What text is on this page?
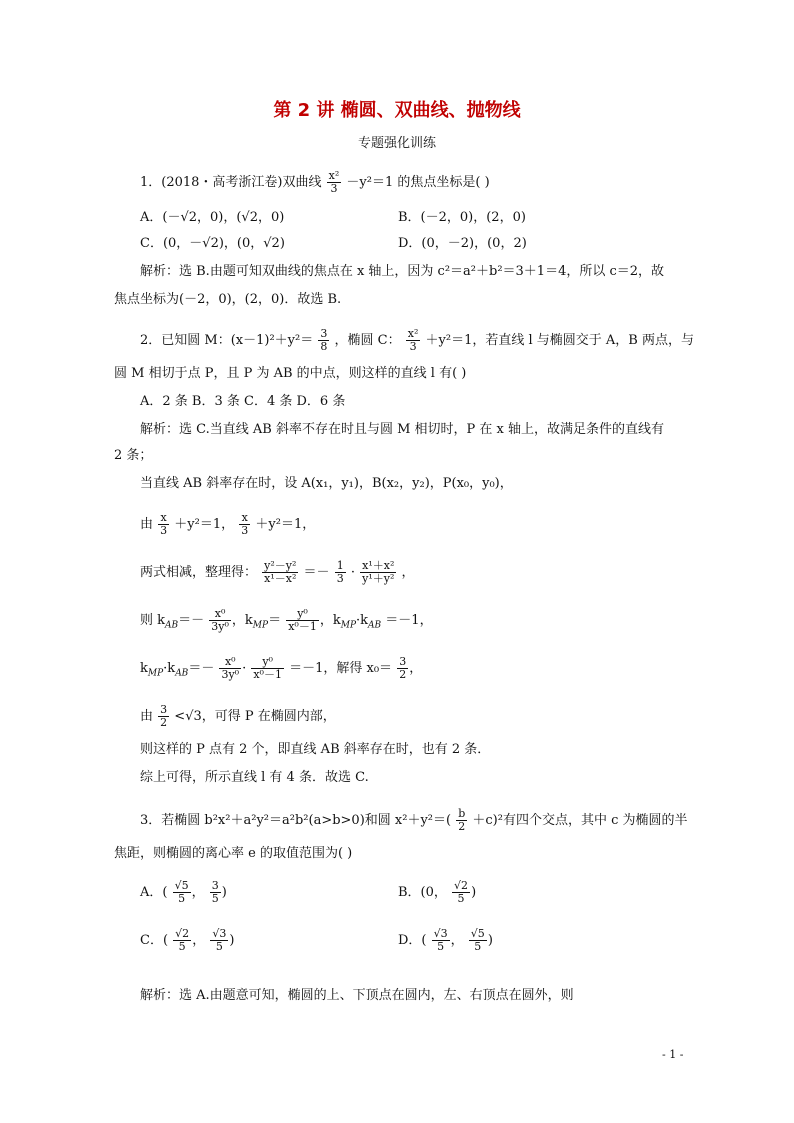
第 2 讲 椭圆、双曲线、抛物线
专题强化训练
1．(2018・高考浙江卷)双曲线 $\frac{\text{x²}}{3} -y^2=1$ 的焦点坐标是( )
A．(－√2，0)，(√2，0)	B．(－2，0)，(2，0)
C．(0，－√2)，(0，√2)	D．(0，－2)，(0，2)
解析：选 B.由题可知双曲线的焦点在 x 轴上，因为 c²＝a²＋b²＝3＋1＝4，所以 c＝2，故
焦点坐标为(－2，0)，(2，0)．故选 B.
2．已知圆 M：$(x-1)^2+y^2= \frac{3}{8}$ ，椭圆 C： $\frac{\text{x²}}{3} +y^2=1$，若直线 l 与椭圆交于 A，B 两点，与
圆 M 相切于点 P，且 P 为 AB 的中点，则这样的直线 l 有( )
A．2 条 B．3 条 C．4 条 D．6 条
解析：选 C.当直线 AB 斜率不存在时且与圆 M 相切时，P 在 x 轴上，故满足条件的直线有
2 条；
当直线 AB 斜率存在时，设 A(x₁，y₁)，B(x₂，y₂)，P(x₀，y₀)，
由 $\frac{x}{3} +y^2=1$， $\frac{x}{3} +y^2=1$，
两式相减，整理得： $\frac{\text{y²－y²}}{\text{x¹－x²}} =- \frac{1}{3} \cdot \frac{\text{x¹＋x²}}{\text{y¹＋y²}}$ ，
则 $k_{AB}=- \frac{\text{x⁰}}{\text{3y⁰}}$ ，$k_{MP}= \frac{\text{y⁰}}{\text{x⁰－1}}$ ，$k_{MP}\cdot k_{AB} =-1$，
$k_{MP}\cdot k_{AB}=- \frac{\text{x⁰}}{\text{3y⁰}} \cdot \frac{\text{y⁰}}{\text{x⁰－1}} =-1$，解得 $x_0= \frac{3}{2}$ ，
由 $\frac{3}{2} <√3$，可得 P 在椭圆内部，
则这样的 P 点有 2 个，即直线 AB 斜率存在时，也有 2 条．
综上可得，所示直线 l 有 4 条．故选 C.
3．若椭圆 b²x²＋a²y²＝a²b²(a>b>0)和圆 $x^2+y^2=( \frac{b}{2} +c)^2$有四个交点，其中 c 为椭圆的半
焦距，则椭圆的离心率 e 的取值范围为( )
A．( $\frac{√5}{5}$ ， $\frac{3}{5}$ )	B．(0， $\frac{√2}{5}$ )
C．( $\frac{√2}{5}$ ， $\frac{√3}{5}$ )	D．( $\frac{√3}{5}$ ， $\frac{√5}{5}$ )
解析：选 A.由题意可知，椭圆的上、下顶点在圆内，左、右顶点在圆外，则
- 1 -
